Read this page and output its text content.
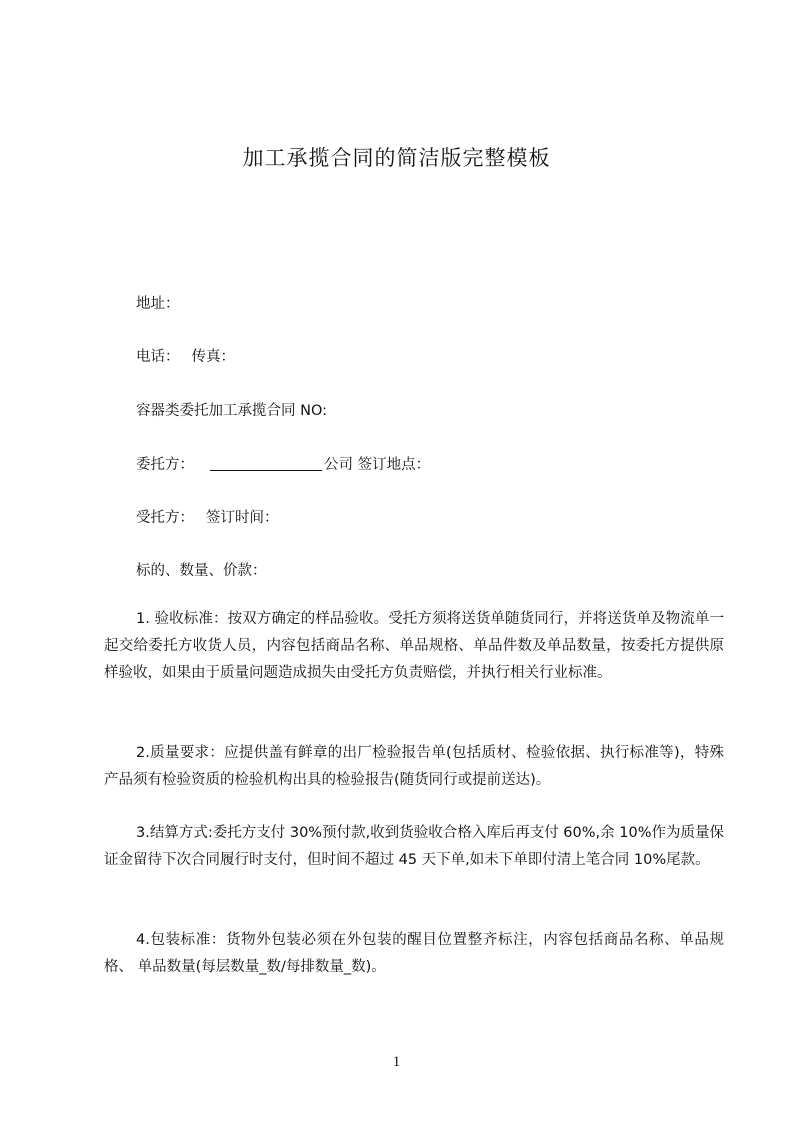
加工承揽合同的简洁版完整模板
地址：
电话： 传真：
容器类委托加工承揽合同 NO:
委托方：	公司 签订地点：
受托方： 签订时间：
标的、数量、价款：
1. 验收标准：按双方确定的样品验收。受托方须将送货单随货同行，并将送货单及物流单一起交给委托方收货人员，内容包括商品名称、单品规格、单品件数及单品数量，按委托方提供原样验收，如果由于质量问题造成损失由受托方负责赔偿，并执行相关行业标准。
2.质量要求：应提供盖有鲜章的出厂检验报告单(包括质材、检验依据、执行标准等)，特殊产品须有检验资质的检验机构出具的检验报告(随货同行或提前送达)。
3.结算方式:委托方支付 30%预付款,收到货验收合格入库后再支付 60%,余 10%作为质量保 证金留待下次合同履行时支付，但时间不超过 45 天下单,如未下单即付清上笔合同 10%尾款。
4.包装标准：货物外包装必须在外包装的醒目位置整齐标注，内容包括商品名称、单品规格、 单品数量(每层数量_数/每排数量_数)。
1
